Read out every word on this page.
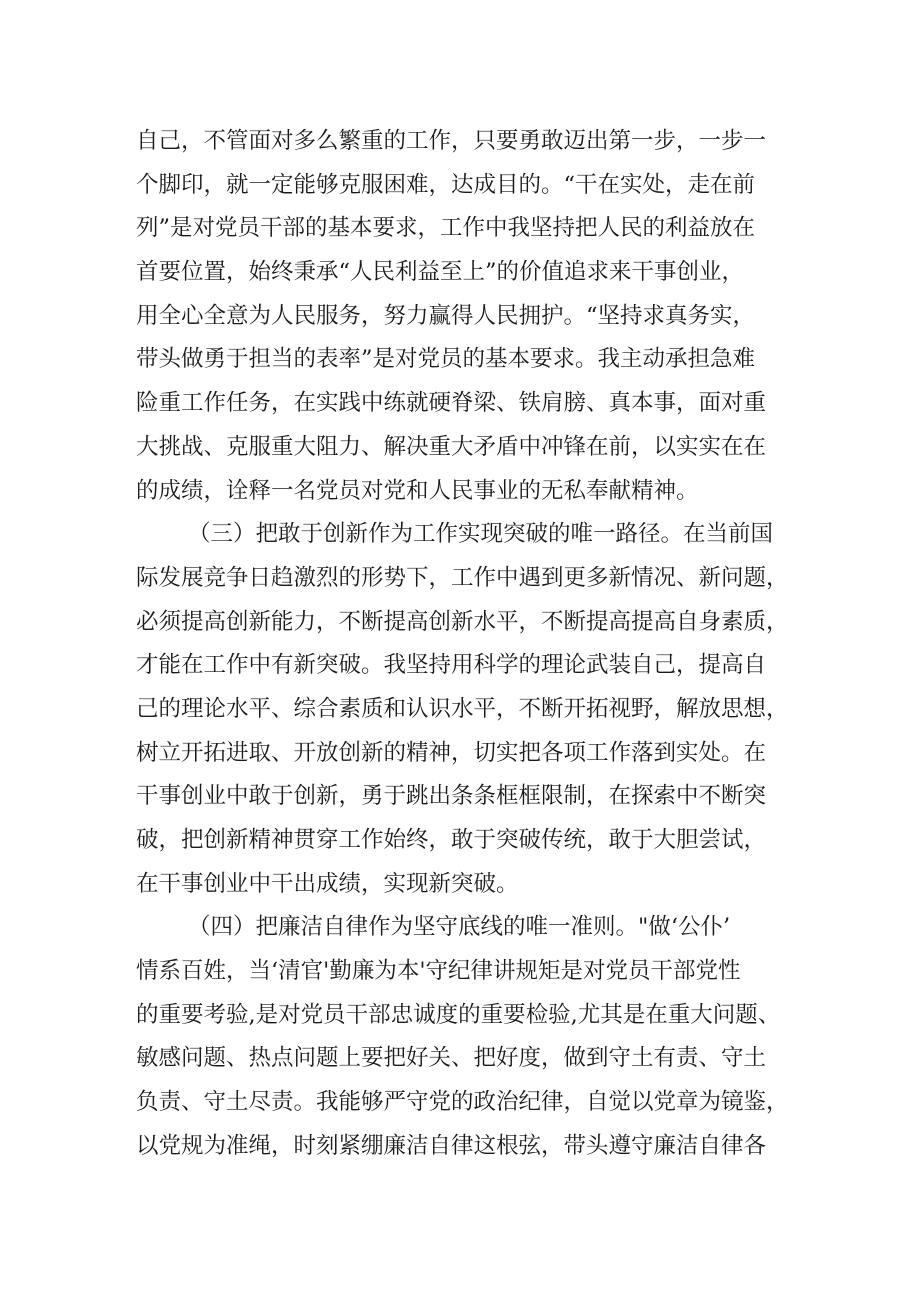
自己，不管面对多么繁重的工作，只要勇敢迈出第一步，一步一
个脚印，就一定能够克服困难，达成目的。“干在实处，走在前
列”是对党员干部的基本要求，工作中我坚持把人民的利益放在
首要位置，始终秉承“人民利益至上”的价值追求来干事创业，
用全心全意为人民服务，努力赢得人民拥护。“坚持求真务实，
带头做勇于担当的表率”是对党员的基本要求。我主动承担急难
险重工作任务，在实践中练就硬脊梁、铁肩膀、真本事，面对重
大挑战、克服重大阻力、解决重大矛盾中冲锋在前，以实实在在
的成绩，诠释一名党员对党和人民事业的无私奉献精神。
（三）把敢于创新作为工作实现突破的唯一路径。在当前国
际发展竞争日趋激烈的形势下，工作中遇到更多新情况、新问题，
必须提高创新能力，不断提高创新水平，不断提高提高自身素质，
才能在工作中有新突破。我坚持用科学的理论武装自己，提高自
己的理论水平、综合素质和认识水平，不断开拓视野，解放思想，
树立开拓进取、开放创新的精神，切实把各项工作落到实处。在
干事创业中敢于创新，勇于跳出条条框框限制，在探索中不断突
破，把创新精神贯穿工作始终，敢于突破传统，敢于大胆尝试，
在干事创业中干出成绩，实现新突破。
（四）把廉洁自律作为坚守底线的唯一准则。"做‘公仆’
情系百姓，当‘清官'勤廉为本'守纪律讲规矩是对党员干部党性
的重要考验,是对党员干部忠诚度的重要检验,尤其是在重大问题、
敏感问题、热点问题上要把好关、把好度，做到守土有责、守土
负责、守土尽责。我能够严守党的政治纪律，自觉以党章为镜鉴，
以党规为准绳，时刻紧绷廉洁自律这根弦，带头遵守廉洁自律各
